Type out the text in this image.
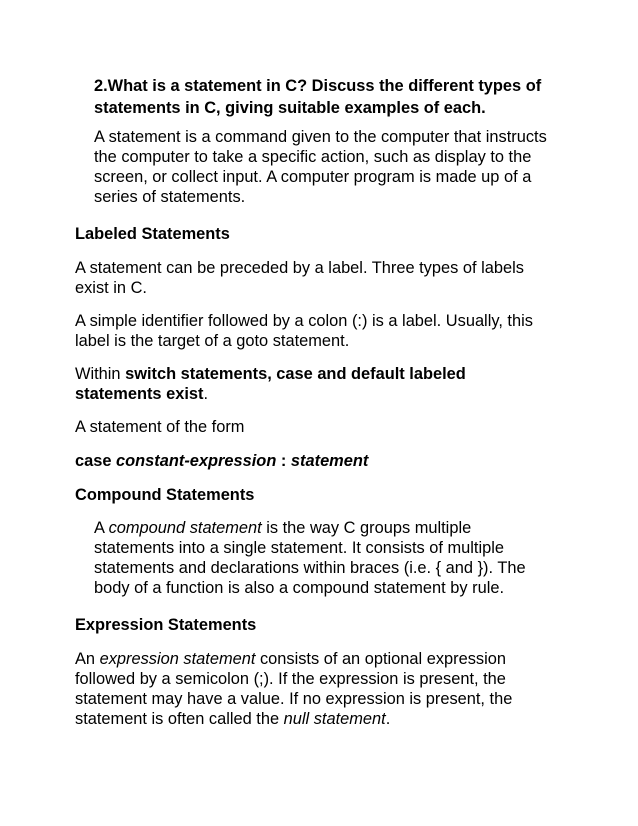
2.What is a statement in C? Discuss the different types of
statements in C, giving suitable examples of each.
A statement is a command given to the computer that instructs
the computer to take a specific action, such as display to the
screen, or collect input. A computer program is made up of a
series of statements.
Labeled Statements
A statement can be preceded by a label. Three types of labels
exist in C.
A simple identifier followed by a colon (:) is a label. Usually, this
label is the target of a goto statement.
Within switch statements, case and default labeled
statements exist.
A statement of the form
case constant-expression : statement
Compound Statements
A compound statement is the way C groups multiple
statements into a single statement. It consists of multiple
statements and declarations within braces (i.e. { and }). The
body of a function is also a compound statement by rule.
Expression Statements
An expression statement consists of an optional expression
followed by a semicolon (;). If the expression is present, the
statement may have a value. If no expression is present, the
statement is often called the null statement.
